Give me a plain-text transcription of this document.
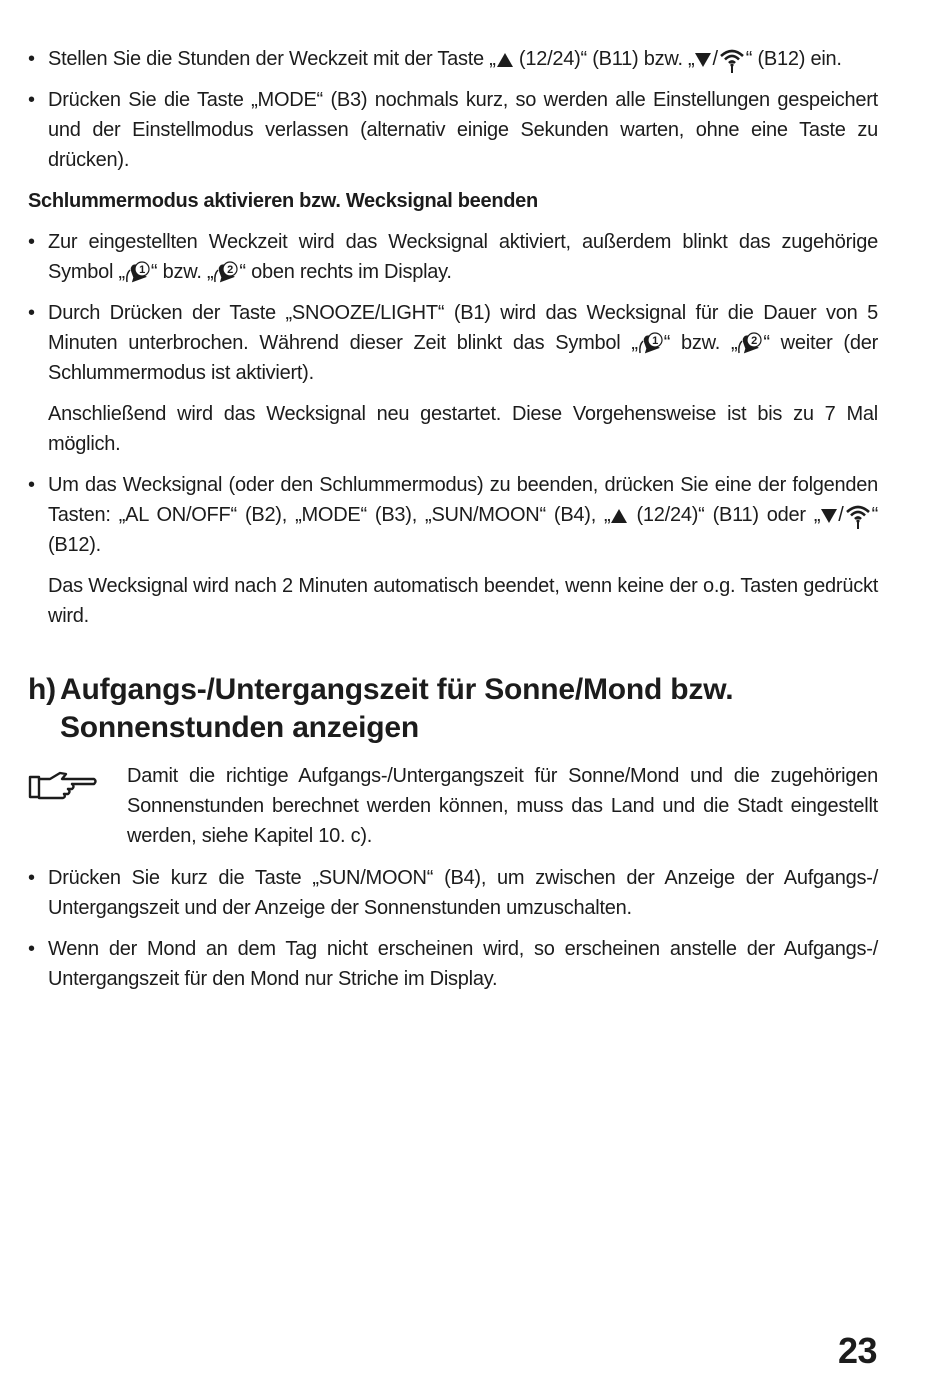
• Stellen Sie die Stunden der Weckzeit mit der Taste „ (12/24)“ (B11) bzw. „ / “ (B12) ein.

• Drücken Sie die Taste „MODE“ (B3) nochmals kurz, so werden alle Einstellungen gespeichert und der Einstellmodus verlassen (alternativ einige Sekunden warten, ohne eine Taste zu drücken).

Schlummermodus aktivieren bzw. Wecksignal beenden

• Zur eingestellten Weckzeit wird das Wecksignal aktiviert, außerdem blinkt das zugehörige Symbol „ 1 “ bzw. „ 2 “ oben rechts im Display.

• Durch Drücken der Taste „SNOOZE/LIGHT“ (B1) wird das Wecksignal für die Dauer von 5 Minuten unterbrochen. Während dieser Zeit blinkt das Symbol „ 1 “ bzw. „ 2 “ weiter (der Schlummermodus ist aktiviert).

Anschließend wird das Wecksignal neu gestartet. Diese Vorgehensweise ist bis zu 7 Mal möglich.

• Um das Wecksignal (oder den Schlummermodus) zu beenden, drücken Sie eine der folgenden Tasten: „AL ON/OFF“ (B2), „MODE“ (B3), „SUN/MOON“ (B4), „ (12/24)“ (B11) oder „ / “ (B12).

Das Wecksignal wird nach 2 Minuten automatisch beendet, wenn keine der o.g. Tasten gedrückt wird.

h) Aufgangs-/Untergangszeit für Sonne/Mond bzw. Sonnenstunden anzeigen
Damit die richtige Aufgangs-/Untergangszeit für Sonne/Mond und die zugehörigen Sonnenstunden berechnet werden können, muss das Land und die Stadt eingestellt werden, siehe Kapitel 10. c).

• Drücken Sie kurz die Taste „SUN/MOON“ (B4), um zwischen der Anzeige der Aufgangs-/ Untergangszeit und der Anzeige der Sonnenstunden umzuschalten.

• Wenn der Mond an dem Tag nicht erscheinen wird, so erscheinen anstelle der Aufgangs-/ Untergangszeit für den Mond nur Striche im Display.

23
